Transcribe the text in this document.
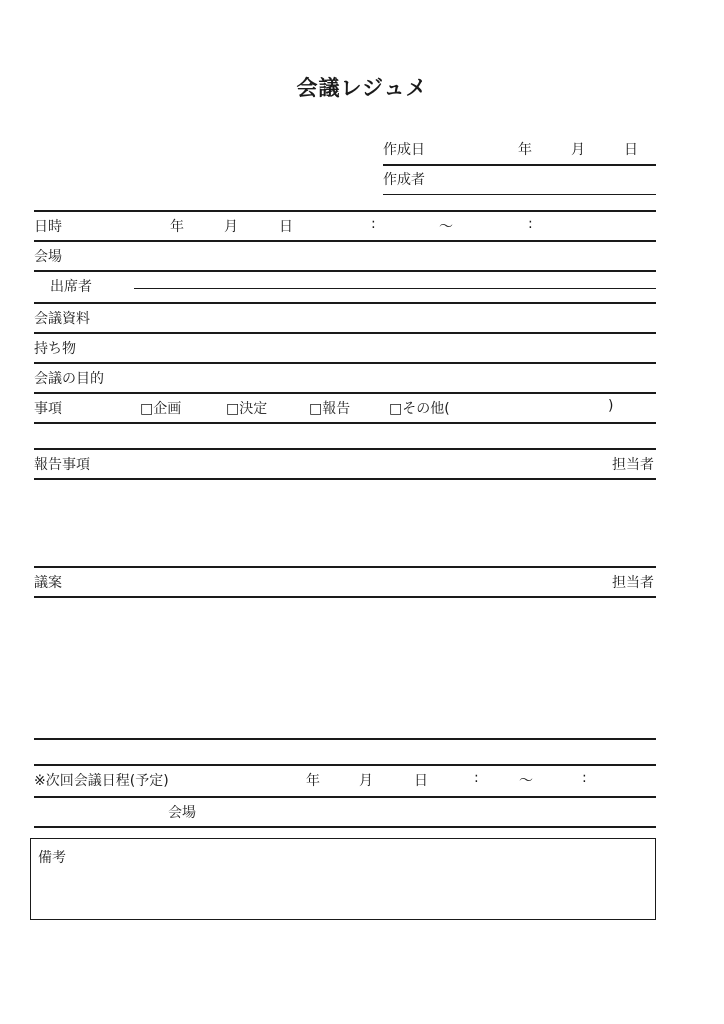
会議レジュメ
作成日	年	月	日
作成者
日時	年	月	日	:	～	:
会場
出席者
会議資料
持ち物
会議の目的
事項	□企画	□決定	□報告	□その他(	)
報告事項	担当者
議案	担当者
※次回会議日程(予定)	年	月	日	:	～	:
会場
備考
